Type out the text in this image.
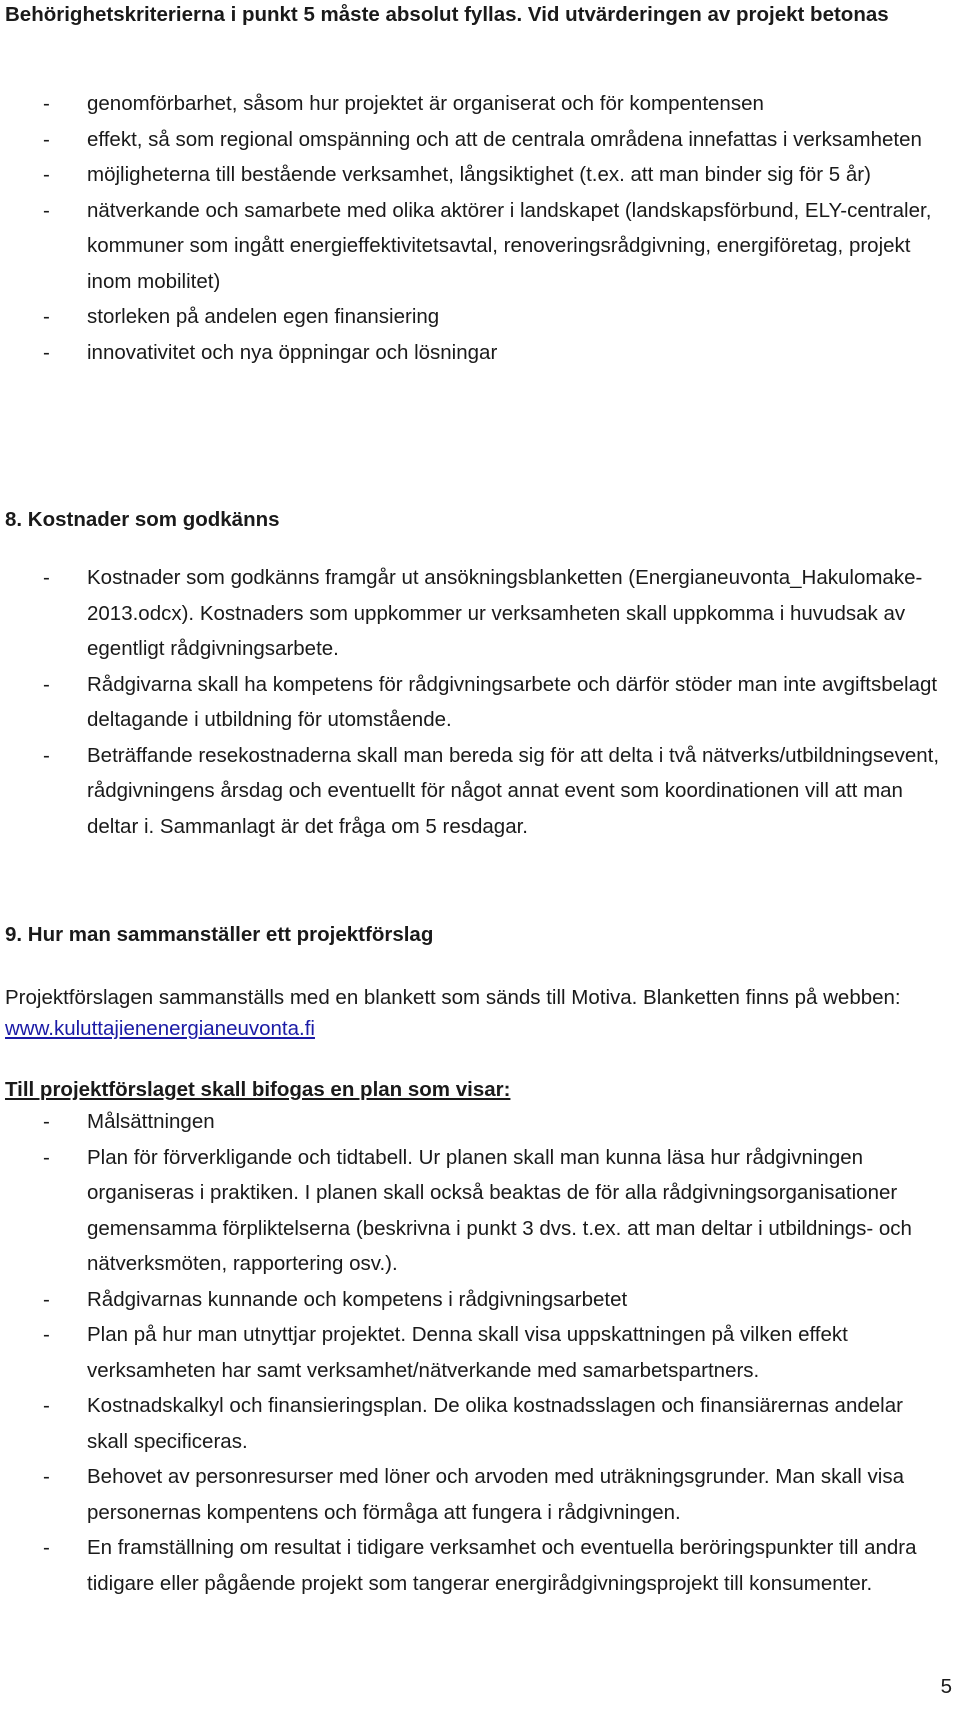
Behörighetskriterierna i punkt 5 måste absolut fyllas. Vid utvärderingen av projekt betonas

- genomförbarhet, såsom hur projektet är organiserat och för kompentensen
- effekt, så som regional omspänning och att de centrala områdena innefattas i verksamheten
- möjligheterna till bestående verksamhet, långsiktighet (t.ex. att man binder sig för 5 år)
- nätverkande och samarbete med olika aktörer i landskapet (landskapsförbund, ELY-centraler, kommuner som ingått energieffektivitetsavtal, renoveringsrådgivning, energiföretag, projekt inom mobilitet)
- storleken på andelen egen finansiering
- innovativitet och nya öppningar och lösningar
8. Kostnader som godkänns
- Kostnader som godkänns framgår ut ansökningsblanketten (Energianeuvonta_Hakulomake-2013.odcx). Kostnaders som uppkommer ur verksamheten skall uppkomma i huvudsak av egentligt rådgivningsarbete.
- Rådgivarna skall ha kompetens för rådgivningsarbete och därför stöder man inte avgiftsbelagt deltagande i utbildning för utomstående.
- Beträffande resekostnaderna skall man bereda sig för att delta i två nätverks/utbildningsevent, rådgivningens årsdag och eventuellt för något annat event som koordinationen vill att man deltar i. Sammanlagt är det fråga om 5 resdagar.
9. Hur man sammanställer ett projektförslag

Projektförslagen sammanställs med en blankett som sänds till Motiva. Blanketten finns på webben: www.kuluttajienenergianeuvonta.fi

Till projektförslaget skall bifogas en plan som visar:

- Målsättningen
- Plan för förverkligande och tidtabell. Ur planen skall man kunna läsa hur rådgivningen organiseras i praktiken. I planen skall också beaktas de för alla rådgivningsorganisationer gemensamma förpliktelserna (beskrivna i punkt 3 dvs. t.ex. att man deltar i utbildnings- och nätverksmöten, rapportering osv.).
- Rådgivarnas kunnande och kompetens i rådgivningsarbetet
- Plan på hur man utnyttjar projektet. Denna skall visa uppskattningen på vilken effekt verksamheten har samt verksamhet/nätverkande med samarbetspartners.
- Kostnadskalkyl och finansieringsplan. De olika kostnadsslagen och finansiärernas andelar skall specificeras.
- Behovet av personresurser med löner och arvoden med uträkningsgrunder. Man skall visa personernas kompentens och förmåga att fungera i rådgivningen.
- En framställning om resultat i tidigare verksamhet och eventuella beröringspunkter till andra tidigare eller pågående projekt som tangerar energirådgivningsprojekt till konsumenter.
5
